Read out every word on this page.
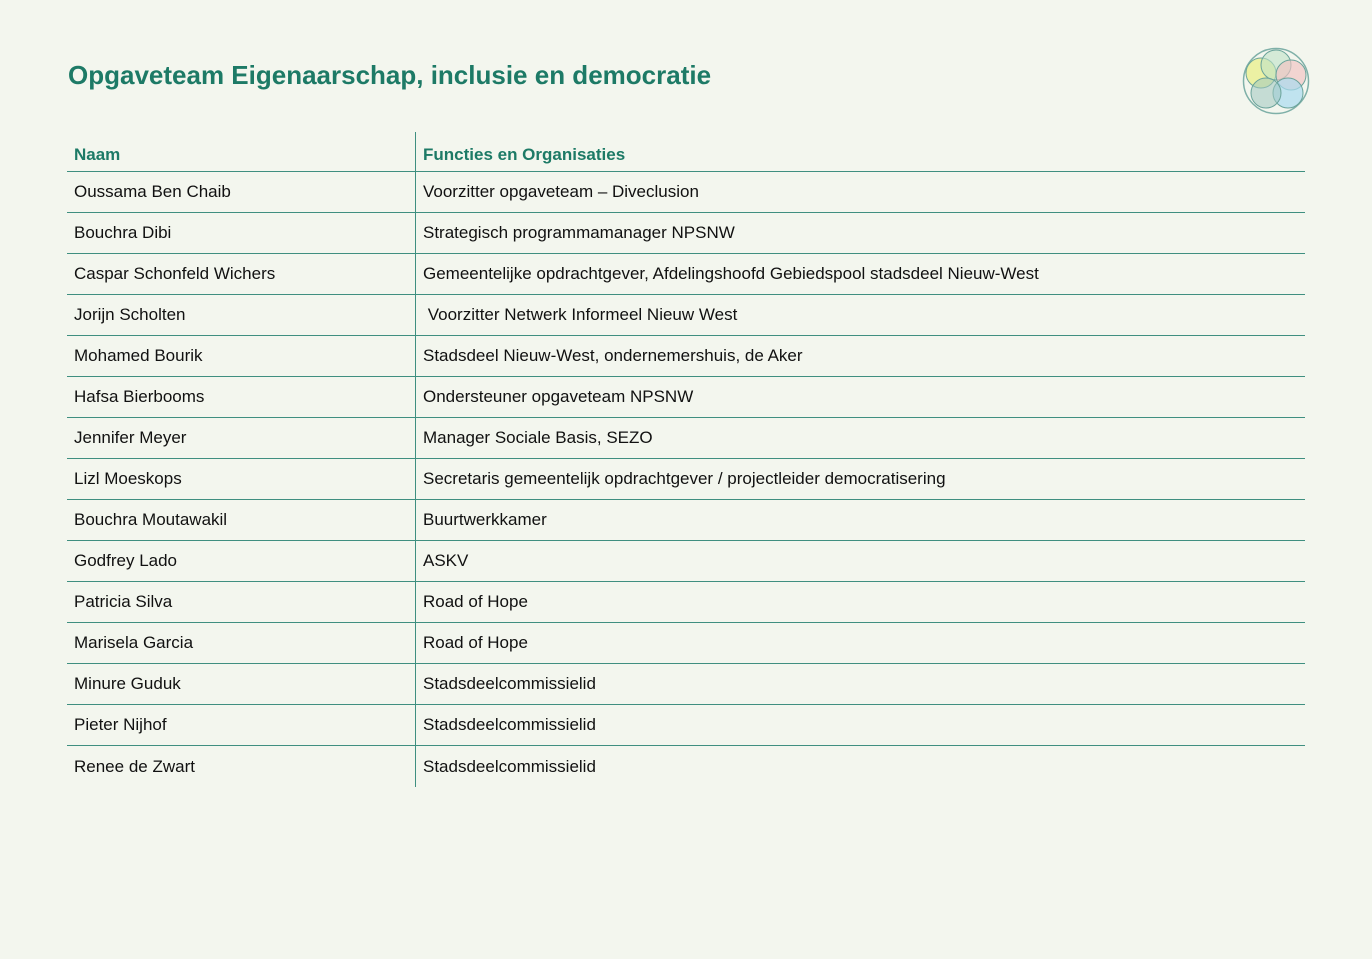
Opgaveteam Eigenaarschap, inclusie en democratie
Naam	Functies en Organisaties
Oussama Ben Chaib	Voorzitter opgaveteam – Diveclusion
Bouchra Dibi	Strategisch programmamanager NPSNW
Caspar Schonfeld Wichers	Gemeentelijke opdrachtgever, Afdelingshoofd Gebiedspool stadsdeel Nieuw-West
Jorijn Scholten	Voorzitter Netwerk Informeel Nieuw West
Mohamed Bourik	Stadsdeel Nieuw-West, ondernemershuis, de Aker
Hafsa Bierbooms	Ondersteuner opgaveteam NPSNW
Jennifer Meyer	Manager Sociale Basis, SEZO
Lizl Moeskops	Secretaris gemeentelijk opdrachtgever / projectleider democratisering
Bouchra Moutawakil	Buurtwerkkamer
Godfrey Lado	ASKV
Patricia Silva	Road of Hope
Marisela Garcia	Road of Hope
Minure Guduk	Stadsdeelcommissielid
Pieter Nijhof	Stadsdeelcommissielid
Renee de Zwart	Stadsdeelcommissielid
